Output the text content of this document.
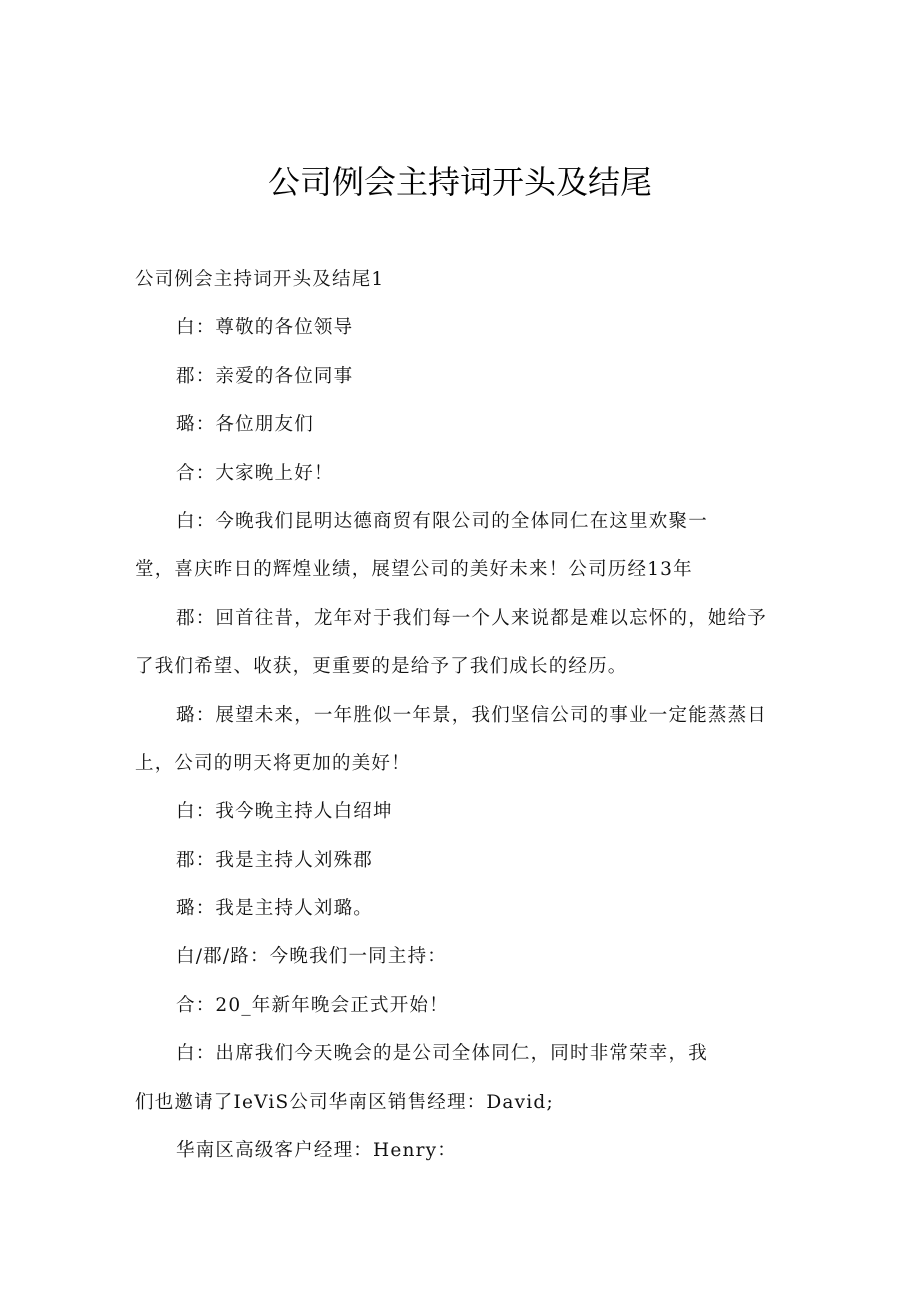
公司例会主持词开头及结尾
公司例会主持词开头及结尾1
白：尊敬的各位领导
郡：亲爱的各位同事
璐：各位朋友们
合：大家晚上好！
白：今晚我们昆明达德商贸有限公司的全体同仁在这里欢聚一
堂，喜庆昨日的辉煌业绩，展望公司的美好未来！公司历经13年
郡：回首往昔，龙年对于我们每一个人来说都是难以忘怀的，她给予
了我们希望、收获，更重要的是给予了我们成长的经历。
璐：展望未来，一年胜似一年景，我们坚信公司的事业一定能蒸蒸日
上，公司的明天将更加的美好！
白：我今晚主持人白绍坤
郡：我是主持人刘殊郡
璐：我是主持人刘璐。
白/郡/路：今晚我们一同主持：
合：20_年新年晚会正式开始！
白：出席我们今天晚会的是公司全体同仁，同时非常荣幸，我
们也邀请了IeViS公司华南区销售经理：David;
华南区高级客户经理：Henry：
